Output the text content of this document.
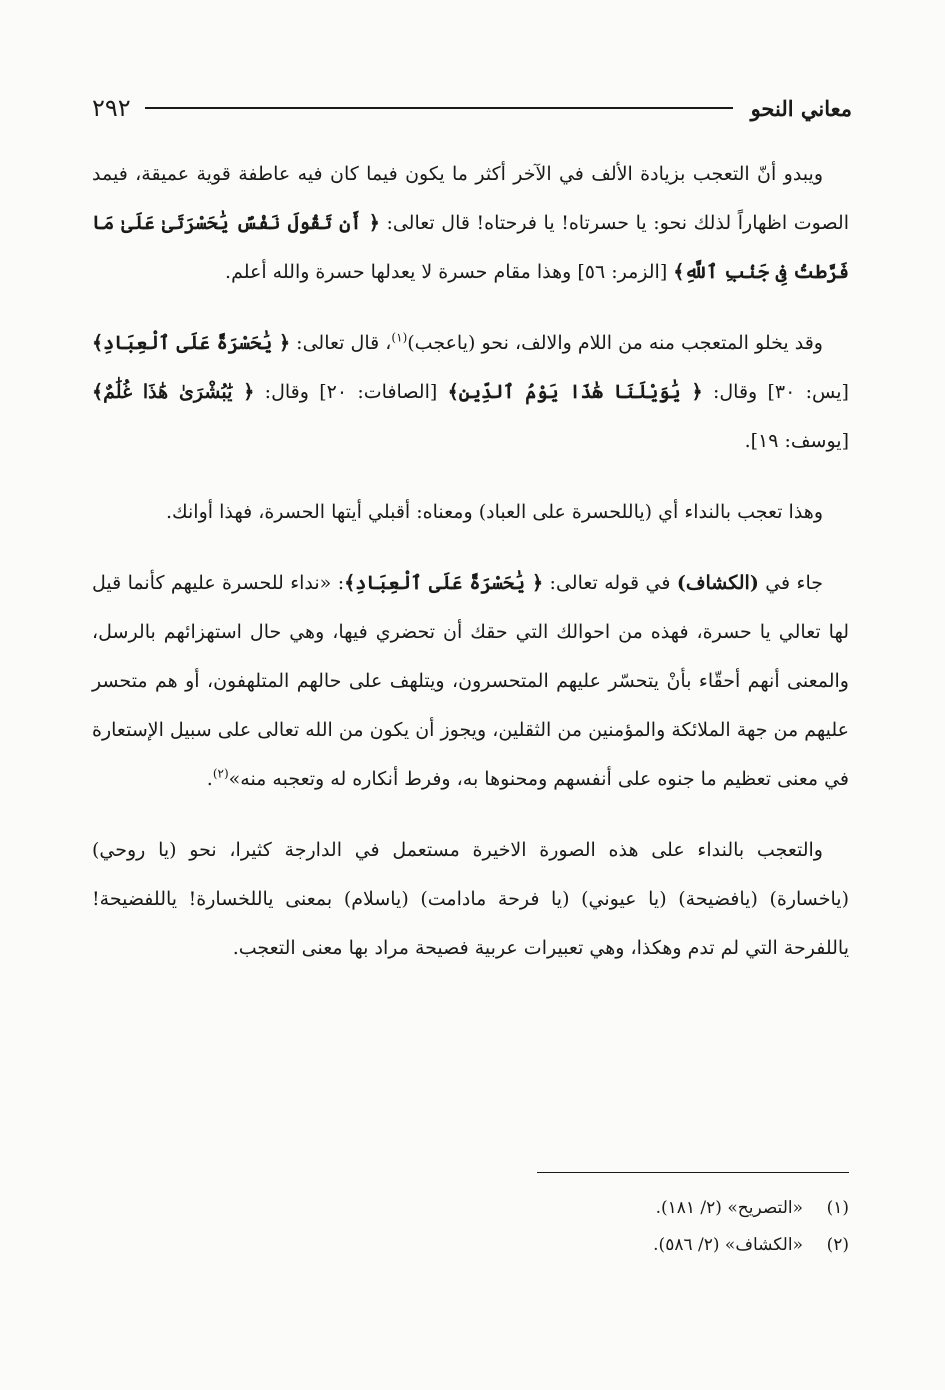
٢٩٢	معاني النحو

ويبدو أنّ التعجب بزيادة الألف في الآخر أكثر ما يكون فيما كان فيه عاطفة قوية عميقة، فيمد الصوت اظهاراً لذلك نحو: يا حسرتاه! يا فرحتاه! قال تعالى: ﴿ أَن تَقُولَ نَفْسٌ يَٰحَسْرَتَىٰ عَلَىٰ مَا فَرَّطتُ فِى جَنۢبِ ٱللَّهِ﴾ [الزمر: ٥٦] وهذا مقام حسرة لا يعدلها حسرة والله أعلم.

وقد يخلو المتعجب منه من اللام والالف، نحو (ياعجب)$^{(١)}$، قال تعالى: ﴿ يَٰحَسْرَةً عَلَى ٱلْعِبَادِ﴾ [يس: ٣٠] وقال: ﴿ يَٰوَيْلَنَا هَٰذَا يَوْمُ ٱلدِّينِ﴾ [الصافات: ٢٠] وقال: ﴿ يَٰبُشْرَىٰ هَٰذَا غُلَٰمٌ﴾ [يوسف: ١٩].

وهذا تعجب بالنداء أي (ياللحسرة على العباد) ومعناه: أقبلي أيتها الحسرة، فهذا أوانك.

جاء في (الكشاف) في قوله تعالى: ﴿ يَٰحَسْرَةً عَلَى ٱلْعِبَادِ﴾: «نداء للحسرة عليهم كأنما قيل لها تعالي يا حسرة، فهذه من احوالك التي حقك أن تحضري فيها، وهي حال استهزائهم بالرسل، والمعنى أنهم أحقّاء بأنْ يتحسّر عليهم المتحسرون، ويتلهف على حالهم المتلهفون، أو هم متحسر عليهم من جهة الملائكة والمؤمنين من الثقلين، ويجوز أن يكون من الله تعالى على سبيل الإستعارة في معنى تعظيم ما جنوه على أنفسهم ومحنوها به، وفرط أنكاره له وتعجبه منه»$^{(٢)}$.

والتعجب بالنداء على هذه الصورة الاخيرة مستعمل في الدارجة كثيرا، نحو (يا روحي) (ياخسارة) (يافضيحة) (يا عيوني) (يا فرحة مادامت) (ياسلام) بمعنى ياللخسارة! ياللفضيحة! ياللفرحة التي لم تدم وهكذا، وهي تعبيرات عربية فصيحة مراد بها معنى التعجب.

(١)
«التصريح» (٢/ ١٨١).
(٢)
«الكشاف» (٢/ ٥٨٦).
